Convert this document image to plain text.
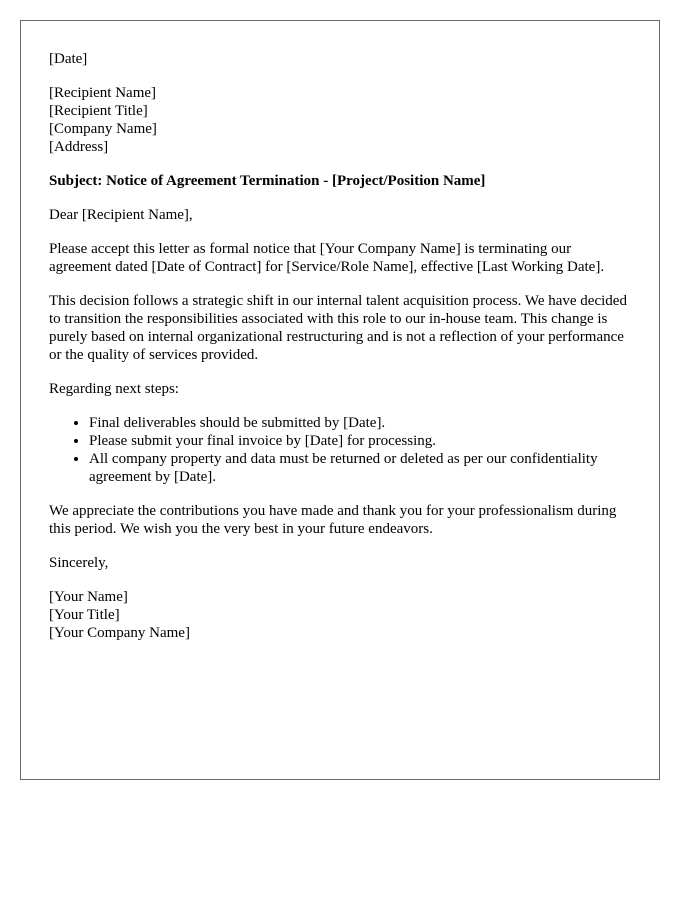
[Date]

[Recipient Name]
[Recipient Title]
[Company Name]
[Address]

Subject: Notice of Agreement Termination - [Project/Position Name]

Dear [Recipient Name],

Please accept this letter as formal notice that [Your Company Name] is terminating our agreement dated [Date of Contract] for [Service/Role Name], effective [Last Working Date].

This decision follows a strategic shift in our internal talent acquisition process. We have decided to transition the responsibilities associated with this role to our in-house team. This change is purely based on internal organizational restructuring and is not a reflection of your performance or the quality of services provided.

Regarding next steps:

• Final deliverables should be submitted by [Date].
• Please submit your final invoice by [Date] for processing.
• All company property and data must be returned or deleted as per our confidentiality agreement by [Date].

We appreciate the contributions you have made and thank you for your professionalism during this period. We wish you the very best in your future endeavors.

Sincerely,

[Your Name]
[Your Title]
[Your Company Name]
